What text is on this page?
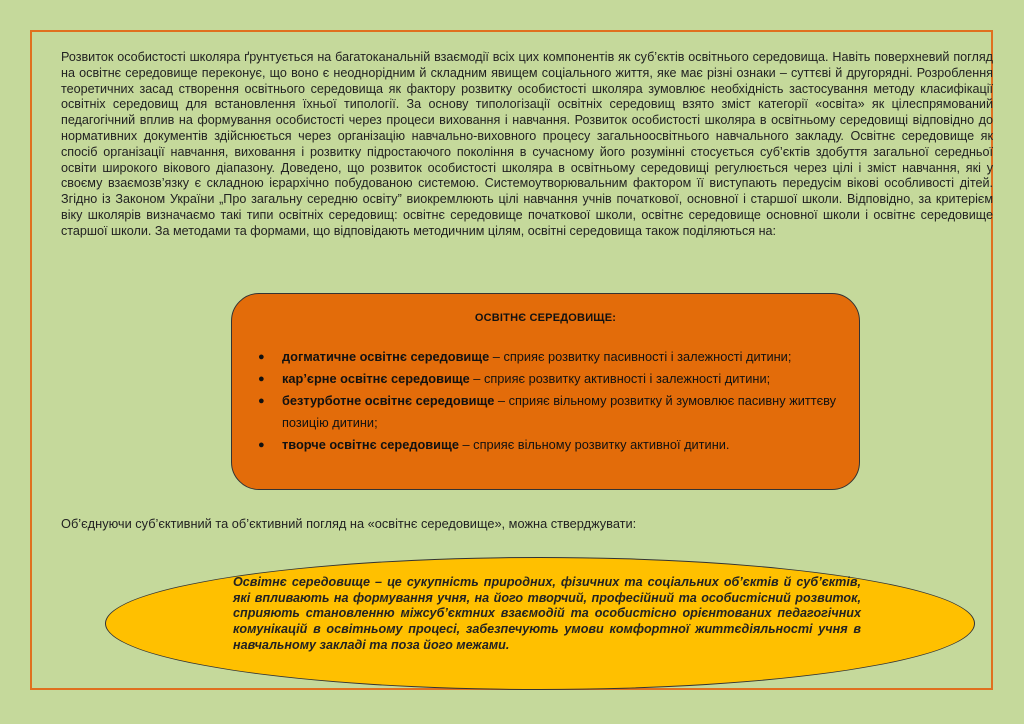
Розвиток особистості школяра ґрунтується на багатоканальній взаємодії всіх цих компонентів як суб’єктів освітнього середовища. Навіть поверхневий погляд на освітнє середовище переконує, що воно є неоднорідним й складним явищем соціального життя, яке має різні ознаки – суттєві й другорядні. Розроблення теоретичних засад створення освітнього середовища як фактору розвитку особистості школяра зумовлює необхідність застосування методу класифікації освітніх середовищ для встановлення їхньої типології. За основу типологізації освітніх середовищ взято зміст категорії «освіта» як цілеспрямований педагогічний вплив на формування особистості через процеси виховання і навчання. Розвиток особистості школяра в освітньому середовищі відповідно до нормативних документів здійснюється через організацію навчально-виховного процесу загальноосвітнього навчального закладу. Освітнє середовище як спосіб організації навчання, виховання і розвитку підростаючого покоління в сучасному його розумінні стосується суб’єктів здобуття загальної середньої освіти широкого вікового діапазону. Доведено, що розвиток особистості школяра в освітньому середовищі регулюється через цілі і зміст навчання, які у своєму взаємозв’язку є складною ієрархічно побудованою системою. Системоутворювальним фактором її виступають передусім вікові особливості дітей. Згідно із Законом України „Про загальну середню освіту” виокремлюють цілі навчання учнів початкової, основної і старшої школи. Відповідно, за критерієм віку школярів визначаємо такі типи освітніх середовищ: освітнє середовище початкової школи, освітнє середовище основної школи і освітнє середовище старшої школи. За методами та формами, що відповідають методичним цілям, освітні середовища також поділяються на:

ОСВІТНЄ СЕРЕДОВИЩЕ:
● догматичне освітнє середовище – сприяє розвитку пасивності і залежності дитини;
● кар’єрне освітнє середовище – сприяє розвитку активності і залежності дитини;
● безтурботне освітнє середовище – сприяє вільному розвитку й зумовлює пасивну життєву позицію дитини;
● творче освітнє середовище – сприяє вільному розвитку активної дитини.

Об’єднуючи суб’єктивний та об’єктивний погляд на «освітнє середовище», можна стверджувати:

Освітнє середовище – це сукупність природних, фізичних та соціальних об’єктів й суб’єктів, які впливають на формування учня, на його творчий, професійний та особистісний розвиток, сприяють становленню міжсуб’єктних взаємодій та особистісно орієнтованих педагогічних комунікацій в освітньому процесі, забезпечують умови комфортної життєдіяльності учня в навчальному закладі та поза його межами.
